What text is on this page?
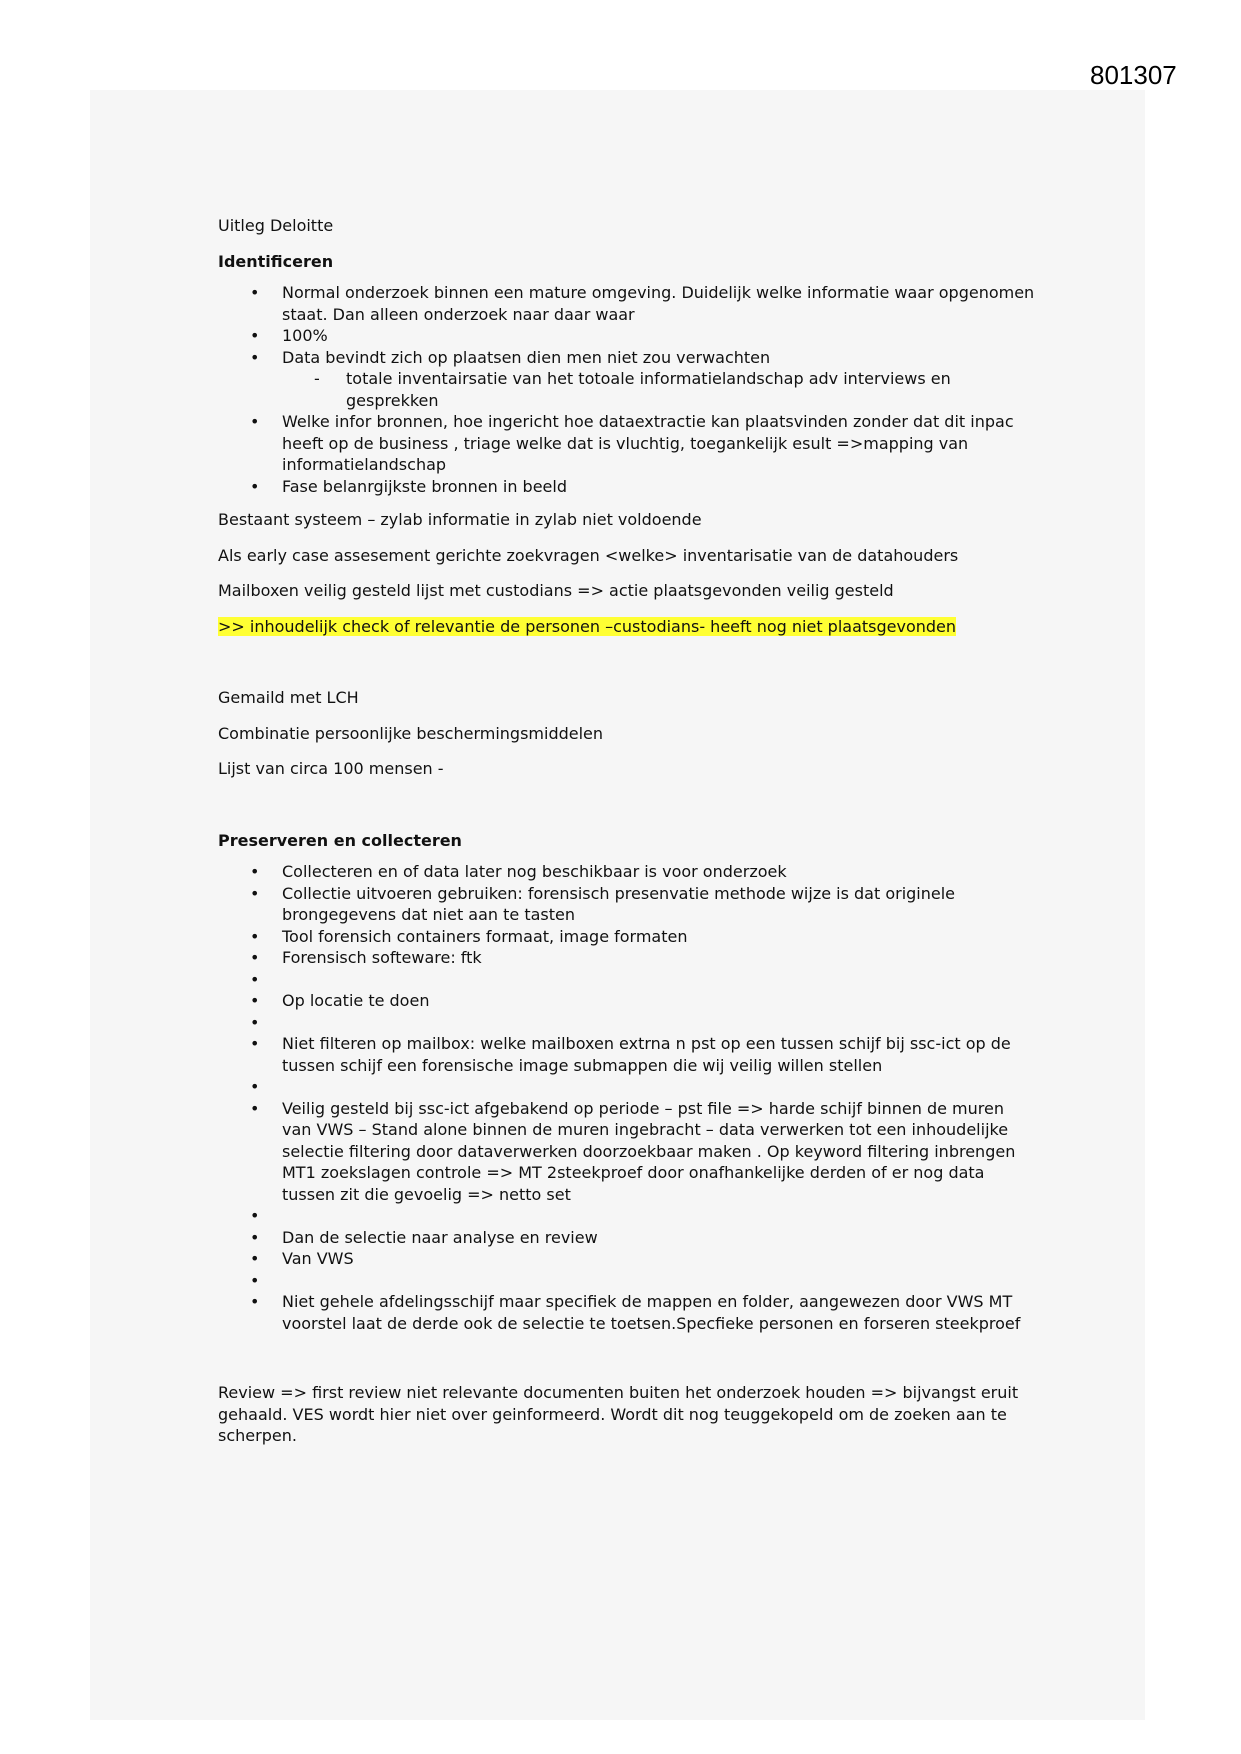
801307

Uitleg Deloitte

Identificeren

• Normal onderzoek binnen een mature omgeving. Duidelijk welke informatie waar opgenomen staat. Dan alleen onderzoek naar daar waar
• 100%
• Data bevindt zich op plaatsen dien men niet zou verwachten
- totale inventairsatie van het totoale informatielandschap adv interviews en gesprekken
• Welke infor bronnen, hoe ingericht hoe dataextractie kan plaatsvinden zonder dat dit inpac heeft op de business , triage welke dat is vluchtig, toegankelijk esult =>mapping van informatielandschap
• Fase belanrgijkste bronnen in beeld

Bestaant systeem – zylab informatie in zylab niet voldoende

Als early case assesement gerichte zoekvragen <welke> inventarisatie van de datahouders

Mailboxen veilig gesteld lijst met custodians => actie plaatsgevonden veilig gesteld

>> inhoudelijk check of relevantie de personen –custodians- heeft nog niet plaatsgevonden

Gemaild met LCH

Combinatie persoonlijke beschermingsmiddelen

Lijst van circa 100 mensen -

Preserveren en collecteren

• Collecteren en of data later nog beschikbaar is voor onderzoek
• Collectie uitvoeren gebruiken: forensisch presenvatie methode wijze is dat originele brongegevens dat niet aan te tasten
• Tool forensich containers formaat, image formaten
• Forensisch softeware: ftk
•
• Op locatie te doen
•
• Niet filteren op mailbox: welke mailboxen extrna n pst op een tussen schijf bij ssc-ict op de tussen schijf een forensische image submappen die wij veilig willen stellen
•
• Veilig gesteld bij ssc-ict afgebakend op periode – pst file => harde schijf binnen de muren van VWS – Stand alone binnen de muren ingebracht – data verwerken tot een inhoudelijke selectie filtering door dataverwerken doorzoekbaar maken . Op keyword filtering inbrengen MT1 zoekslagen controle => MT 2steekproef door onafhankelijke derden of er nog data tussen zit die gevoelig => netto set
•
• Dan de selectie naar analyse en review
• Van VWS
•
• Niet gehele afdelingsschijf maar specifiek de mappen en folder, aangewezen door VWS MT voorstel laat de derde ook de selectie te toetsen.Specfieke personen en forseren steekproef

Review => first review niet relevante documenten buiten het onderzoek houden => bijvangst eruit gehaald. VES wordt hier niet over geinformeerd. Wordt dit nog teuggekopeld om de zoeken aan te scherpen.
